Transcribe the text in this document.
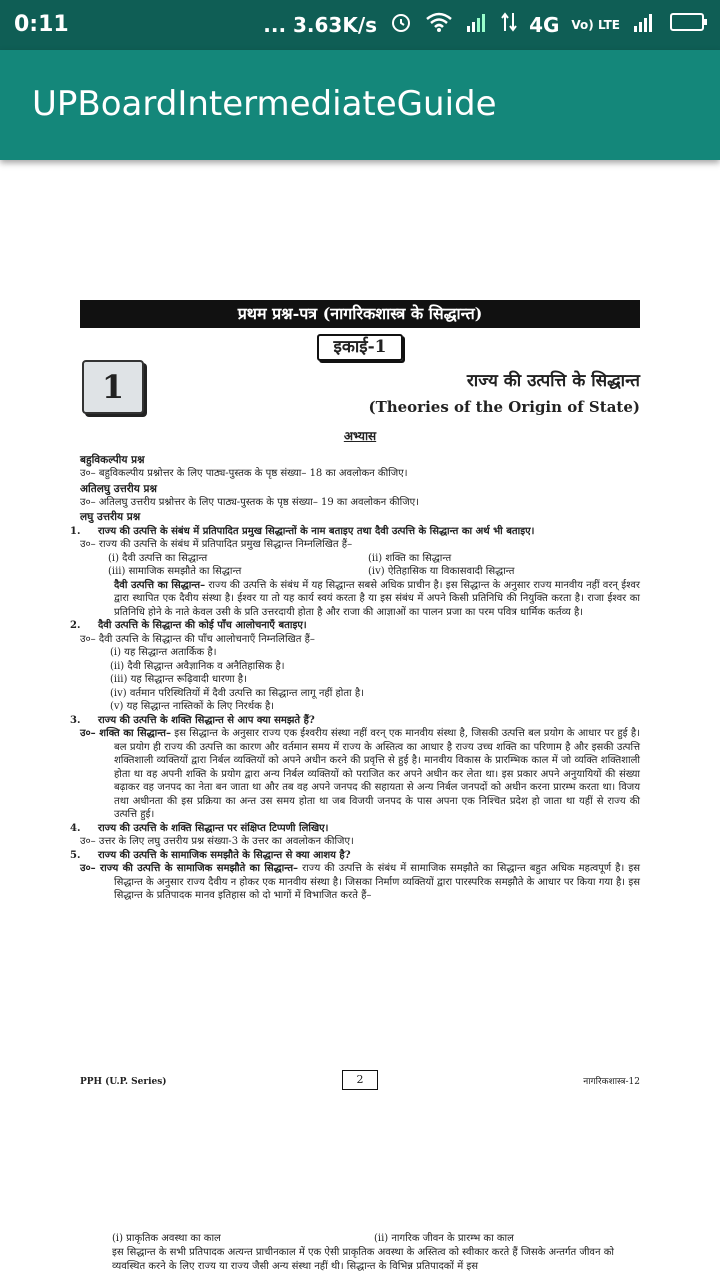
0:11	... 3.63K/s	4G Vo) LTE
UPBoardIntermediateGuide
प्रथम प्रश्न-पत्र (नागरिकशास्त्र के सिद्धान्त)
इकाई-1
1	राज्य की उत्पत्ति के सिद्धान्त
(Theories of the Origin of State)
अभ्यास
बहुविकल्पीय प्रश्न
उ०– बहुविकल्पीय प्रश्नोत्तर के लिए पाठ्य-पुस्तक के पृष्ठ संख्या– 18 का अवलोकन कीजिए।
अतिलघु उत्तरीय प्रश्न
उ०– अतिलघु उत्तरीय प्रश्नोत्तर के लिए पाठ्य-पुस्तक के पृष्ठ संख्या– 19 का अवलोकन कीजिए।
लघु उत्तरीय प्रश्न
1. राज्य की उत्पत्ति के संबंध में प्रतिपादित प्रमुख सिद्धान्तों के नाम बताइए तथा दैवी उत्पत्ति के सिद्धान्त का अर्थ भी बताइए।
उ०– राज्य की उत्पत्ति के संबंध में प्रतिपादित प्रमुख सिद्धान्त निम्नलिखित हैं–
(i) दैवी उत्पत्ति का सिद्धान्त	(ii) शक्ति का सिद्धान्त
(iii) सामाजिक समझौते का सिद्धान्त	(iv) ऐतिहासिक या विकासवादी सिद्धान्त
दैवी उत्पत्ति का सिद्धान्त– राज्य की उत्पत्ति के संबंध में यह सिद्धान्त सबसे अधिक प्राचीन है। इस सिद्धान्त के अनुसार राज्य मानवीय नहीं वरन् ईश्वर द्वारा स्थापित एक दैवीय संस्था है। ईश्वर या तो यह कार्य स्वयं करता है या इस संबंध में अपने किसी प्रतिनिधि की नियुक्ति करता है। राजा ईश्वर का प्रतिनिधि होने के नाते केवल उसी के प्रति उत्तरदायी होता है और राजा की आज्ञाओं का पालन प्रजा का परम पवित्र धार्मिक कर्तव्य है।
2. दैवी उत्पत्ति के सिद्धान्त की कोई पाँच आलोचनाएँ बताइए।
उ०– दैवी उत्पत्ति के सिद्धान्त की पाँच आलोचनाएँ निम्नलिखित हैं–
(i) यह सिद्धान्त अतार्किक है।
(ii) दैवी सिद्धान्त अवैज्ञानिक व अनैतिहासिक है।
(iii) यह सिद्धान्त रूढ़िवादी धारणा है।
(iv) वर्तमान परिस्थितियों में दैवी उत्पत्ति का सिद्धान्त लागू नहीं होता है।
(v) यह सिद्धान्त नास्तिकों के लिए निरर्थक है।
3. राज्य की उत्पत्ति के शक्ति सिद्धान्त से आप क्या समझते हैं?
उ०– शक्ति का सिद्धान्त– इस सिद्धान्त के अनुसार राज्य एक ईश्वरीय संस्था नहीं वरन् एक मानवीय संस्था है, जिसकी उत्पत्ति बल प्रयोग के आधार पर हुई है। बल प्रयोग ही राज्य की उत्पत्ति का कारण और वर्तमान समय में राज्य के अस्तित्व का आधार है राज्य उच्च शक्ति का परिणाम है और इसकी उत्पत्ति शक्तिशाली व्यक्तियों द्वारा निर्बल व्यक्तियों को अपने अधीन करने की प्रवृत्ति से हुई है। मानवीय विकास के प्रारम्भिक काल में जो व्यक्ति शक्तिशाली होता था वह अपनी शक्ति के प्रयोग द्वारा अन्य निर्बल व्यक्तियों को पराजित कर अपने अधीन कर लेता था। इस प्रकार अपने अनुयायियों की संख्या बढ़ाकर वह जनपद का नेता बन जाता था और तब वह अपने जनपद की सहायता से अन्य निर्बल जनपदों को अधीन करना प्रारम्भ करता था। विजय तथा अधीनता की इस प्रक्रिया का अन्त उस समय होता था जब विजयी जनपद के पास अपना एक निश्चित प्रदेश हो जाता था यहीं से राज्य की उत्पत्ति हुई।
4. राज्य की उत्पत्ति के शक्ति सिद्धान्त पर संक्षिप्त टिप्पणी लिखिए।
उ०– उत्तर के लिए लघु उत्तरीय प्रश्न संख्या-3 के उत्तर का अवलोकन कीजिए।
5. राज्य की उत्पत्ति के सामाजिक समझौते के सिद्धान्त से क्या आशय है?
उ०– राज्य की उत्पत्ति के सामाजिक समझौते का सिद्धान्त– राज्य की उत्पत्ति के संबंध में सामाजिक समझौते का सिद्धान्त बहुत अधिक महत्वपूर्ण है। इस सिद्धान्त के अनुसार राज्य दैवीय न होकर एक मानवीय संस्था है। जिसका निर्माण व्यक्तियों द्वारा पारस्परिक समझौते के आधार पर किया गया है। इस सिद्धान्त के प्रतिपादक मानव इतिहास को दो भागों में विभाजित करते हैं–
PPH (U.P. Series)	2	नागरिकशास्त्र-12
(i) प्राकृतिक अवस्था का काल	(ii) नागरिक जीवन के प्रारम्भ का काल
इस सिद्धान्त के सभी प्रतिपादक अत्यन्त प्राचीनकाल में एक ऐसी प्राकृतिक अवस्था के अस्तित्व को स्वीकार करते हैं जिसके अन्तर्गत जीवन को व्यवस्थित करने के लिए राज्य या राज्य जैसी अन्य संस्था नहीं थी। सिद्धान्त के विभिन्न प्रतिपादकों में इस
